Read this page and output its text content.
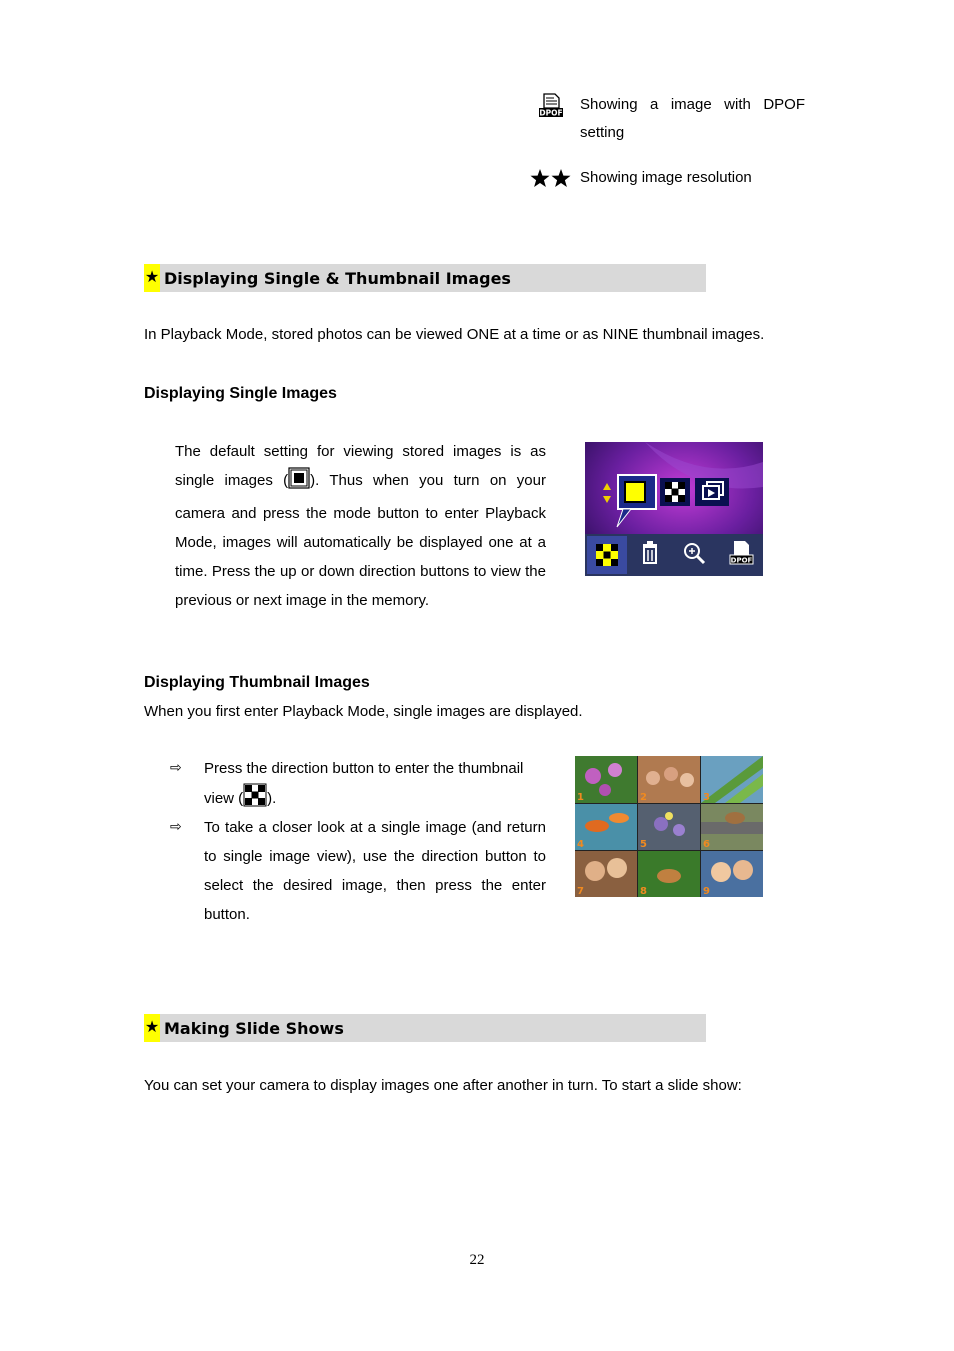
DPOF Showing a image with DPOF setting
Showing image resolution
★ Displaying Single & Thumbnail Images
In Playback Mode, stored photos can be viewed ONE at a time or as NINE thumbnail images.
Displaying Single Images
The default setting for viewing stored images is as single images ( ). Thus when you turn on your camera and press the mode button to enter Playback Mode, images will automatically be displayed one at a time. Press the up or down direction buttons to view the previous or next image in the memory.
DPOF
Displaying Thumbnail Images
When you first enter Playback Mode, single images are displayed.
⇨ Press the direction button to enter the thumbnail view ( ).
⇨ To take a closer look at a single image (and return to single image view), use the direction button to select the desired image, then press the enter button.
1	2	3
4	5	6
7	8	9
★ Making Slide Shows
You can set your camera to display images one after another in turn. To start a slide show:
22
